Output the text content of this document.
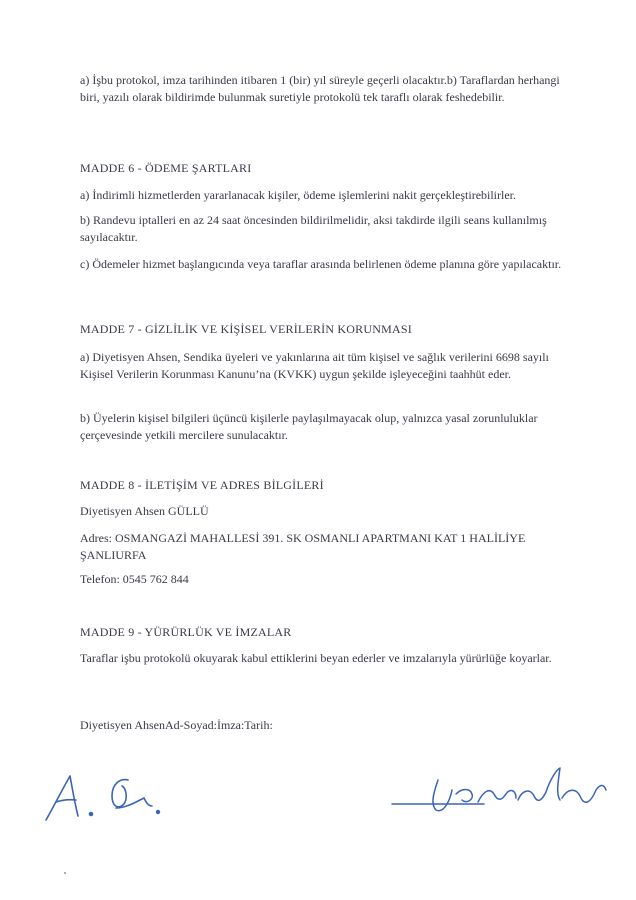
a) İşbu protokol, imza tarihinden itibaren 1 (bir) yıl süreyle geçerli olacaktır.b) Taraflardan herhangi biri, yazılı olarak bildirimde bulunmak suretiyle protokolü tek taraflı olarak feshedebilir.
MADDE 6 - ÖDEME ŞARTLARI
a) İndirimli hizmetlerden yararlanacak kişiler, ödeme işlemlerini nakit gerçekleştirebilirler.
b) Randevu iptalleri en az 24 saat öncesinden bildirilmelidir, aksi takdirde ilgili seans kullanılmış sayılacaktır.
c) Ödemeler hizmet başlangıcında veya taraflar arasında belirlenen ödeme planına göre yapılacaktır.
MADDE 7 - GİZLİLİK VE KİŞİSEL VERİLERİN KORUNMASI
a) Diyetisyen Ahsen, Sendika üyeleri ve yakınlarına ait tüm kişisel ve sağlık verilerini 6698 sayılı Kişisel Verilerin Korunması Kanunu’na (KVKK) uygun şekilde işleyeceğini taahhüt eder.
b) Üyelerin kişisel bilgileri üçüncü kişilerle paylaşılmayacak olup, yalnızca yasal zorunluluklar çerçevesinde yetkili mercilere sunulacaktır.
MADDE 8 - İLETİŞİM VE ADRES BİLGİLERİ
Diyetisyen Ahsen GÜLLÜ
Adres: OSMANGAZİ MAHALLESİ 391. SK OSMANLI APARTMANI KAT 1 HALİLİYE ŞANLIURFA
Telefon: 0545 762 844
MADDE 9 - YÜRÜRLÜK VE İMZALAR
Taraflar işbu protokolü okuyarak kabul ettiklerini beyan ederler ve imzalarıyla yürürlüğe koyarlar.
Diyetisyen AhsenAd-Soyad:İmza:Tarih:
